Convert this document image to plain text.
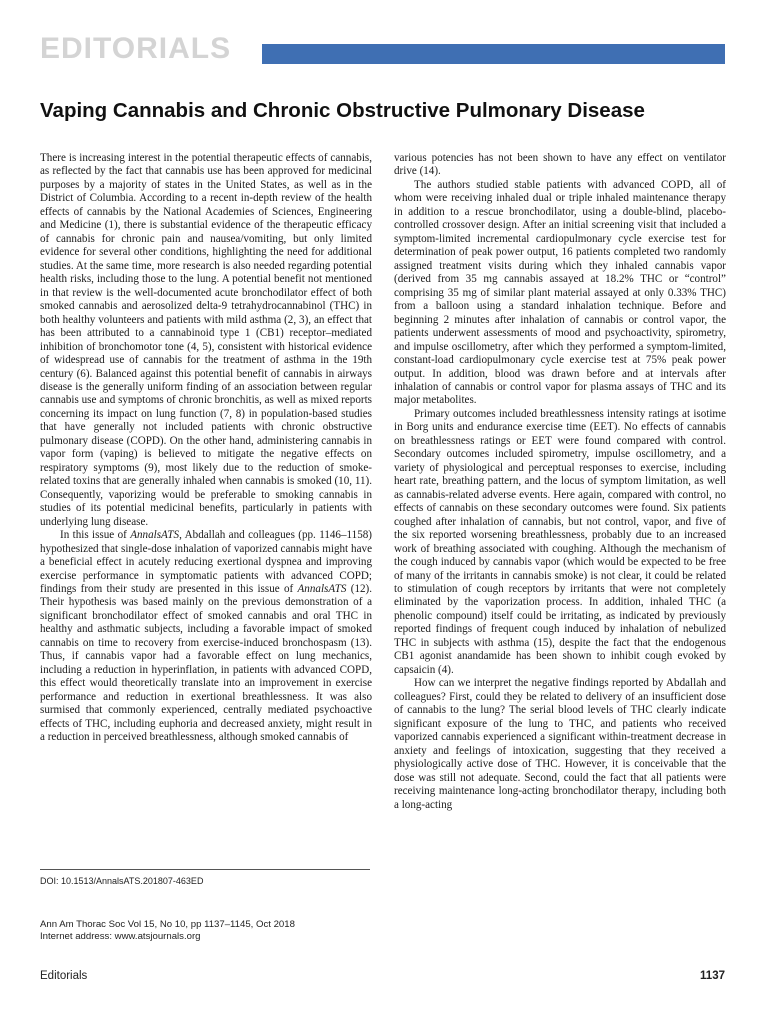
EDITORIALS
Vaping Cannabis and Chronic Obstructive Pulmonary Disease

There is increasing interest in the potential therapeutic effects of cannabis, as reflected by the fact that cannabis use has been approved for medicinal purposes by a majority of states in the United States, as well as in the District of Columbia. According to a recent in-depth review of the health effects of cannabis by the National Academies of Sciences, Engineering and Medicine (1), there is substantial evidence of the therapeutic efficacy of cannabis for chronic pain and nausea/vomiting, but only limited evidence for several other conditions, highlighting the need for additional studies. At the same time, more research is also needed regarding potential health risks, including those to the lung. A potential benefit not mentioned in that review is the well-documented acute bronchodilator effect of both smoked cannabis and aerosolized delta-9 tetrahydrocannabinol (THC) in both healthy volunteers and patients with mild asthma (2, 3), an effect that has been attributed to a cannabinoid type 1 (CB1) receptor–mediated inhibition of bronchomotor tone (4, 5), consistent with historical evidence of widespread use of cannabis for the treatment of asthma in the 19th century (6). Balanced against this potential benefit of cannabis in airways disease is the generally uniform finding of an association between regular cannabis use and symptoms of chronic bronchitis, as well as mixed reports concerning its impact on lung function (7, 8) in population-based studies that have generally not included patients with chronic obstructive pulmonary disease (COPD). On the other hand, administering cannabis in vapor form (vaping) is believed to mitigate the negative effects on respiratory symptoms (9), most likely due to the reduction of smoke-related toxins that are generally inhaled when cannabis is smoked (10, 11). Consequently, vaporizing would be preferable to smoking cannabis in studies of its potential medicinal benefits, particularly in patients with underlying lung disease.

In this issue of AnnalsATS, Abdallah and colleagues (pp. 1146–1158) hypothesized that single-dose inhalation of vaporized cannabis might have a beneficial effect in acutely reducing exertional dyspnea and improving exercise performance in symptomatic patients with advanced COPD; findings from their study are presented in this issue of AnnalsATS (12). Their hypothesis was based mainly on the previous demonstration of a significant bronchodilator effect of smoked cannabis and oral THC in healthy and asthmatic subjects, including a favorable impact of smoked cannabis on time to recovery from exercise-induced bronchospasm (13). Thus, if cannabis vapor had a favorable effect on lung mechanics, including a reduction in hyperinflation, in patients with advanced COPD, this effect would theoretically translate into an improvement in exercise performance and reduction in exertional breathlessness. It was also surmised that commonly experienced, centrally mediated psychoactive effects of THC, including euphoria and decreased anxiety, might result in a reduction in perceived breathlessness, although smoked cannabis of

various potencies has not been shown to have any effect on ventilator drive (14).

The authors studied stable patients with advanced COPD, all of whom were receiving inhaled dual or triple inhaled maintenance therapy in addition to a rescue bronchodilator, using a double-blind, placebo-controlled crossover design. After an initial screening visit that included a symptom-limited incremental cardiopulmonary cycle exercise test for determination of peak power output, 16 patients completed two randomly assigned treatment visits during which they inhaled cannabis vapor (derived from 35 mg cannabis assayed at 18.2% THC or “control” comprising 35 mg of similar plant material assayed at only 0.33% THC) from a balloon using a standard inhalation technique. Before and beginning 2 minutes after inhalation of cannabis or control vapor, the patients underwent assessments of mood and psychoactivity, spirometry, and impulse oscillometry, after which they performed a symptom-limited, constant-load cardiopulmonary cycle exercise test at 75% peak power output. In addition, blood was drawn before and at intervals after inhalation of cannabis or control vapor for plasma assays of THC and its major metabolites.

Primary outcomes included breathlessness intensity ratings at isotime in Borg units and endurance exercise time (EET). No effects of cannabis on breathlessness ratings or EET were found compared with control. Secondary outcomes included spirometry, impulse oscillometry, and a variety of physiological and perceptual responses to exercise, including heart rate, breathing pattern, and the locus of symptom limitation, as well as cannabis-related adverse events. Here again, compared with control, no effects of cannabis on these secondary outcomes were found. Six patients coughed after inhalation of cannabis, but not control, vapor, and five of the six reported worsening breathlessness, probably due to an increased work of breathing associated with coughing. Although the mechanism of the cough induced by cannabis vapor (which would be expected to be free of many of the irritants in cannabis smoke) is not clear, it could be related to stimulation of cough receptors by irritants that were not completely eliminated by the vaporization process. In addition, inhaled THC (a phenolic compound) itself could be irritating, as indicated by previously reported findings of frequent cough induced by inhalation of nebulized THC in subjects with asthma (15), despite the fact that the endogenous CB1 agonist anandamide has been shown to inhibit cough evoked by capsaicin (4).

How can we interpret the negative findings reported by Abdallah and colleagues? First, could they be related to delivery of an insufficient dose of cannabis to the lung? The serial blood levels of THC clearly indicate significant exposure of the lung to THC, and patients who received vaporized cannabis experienced a significant within-treatment decrease in anxiety and feelings of intoxication, suggesting that they received a physiologically active dose of THC. However, it is conceivable that the dose was still not adequate. Second, could the fact that all patients were receiving maintenance long-acting bronchodilator therapy, including both a long-acting

DOI: 10.1513/AnnalsATS.201807-463ED
Ann Am Thorac Soc Vol 15, No 10, pp 1137–1145, Oct 2018
Internet address: www.atsjournals.org
Editorials	1137
